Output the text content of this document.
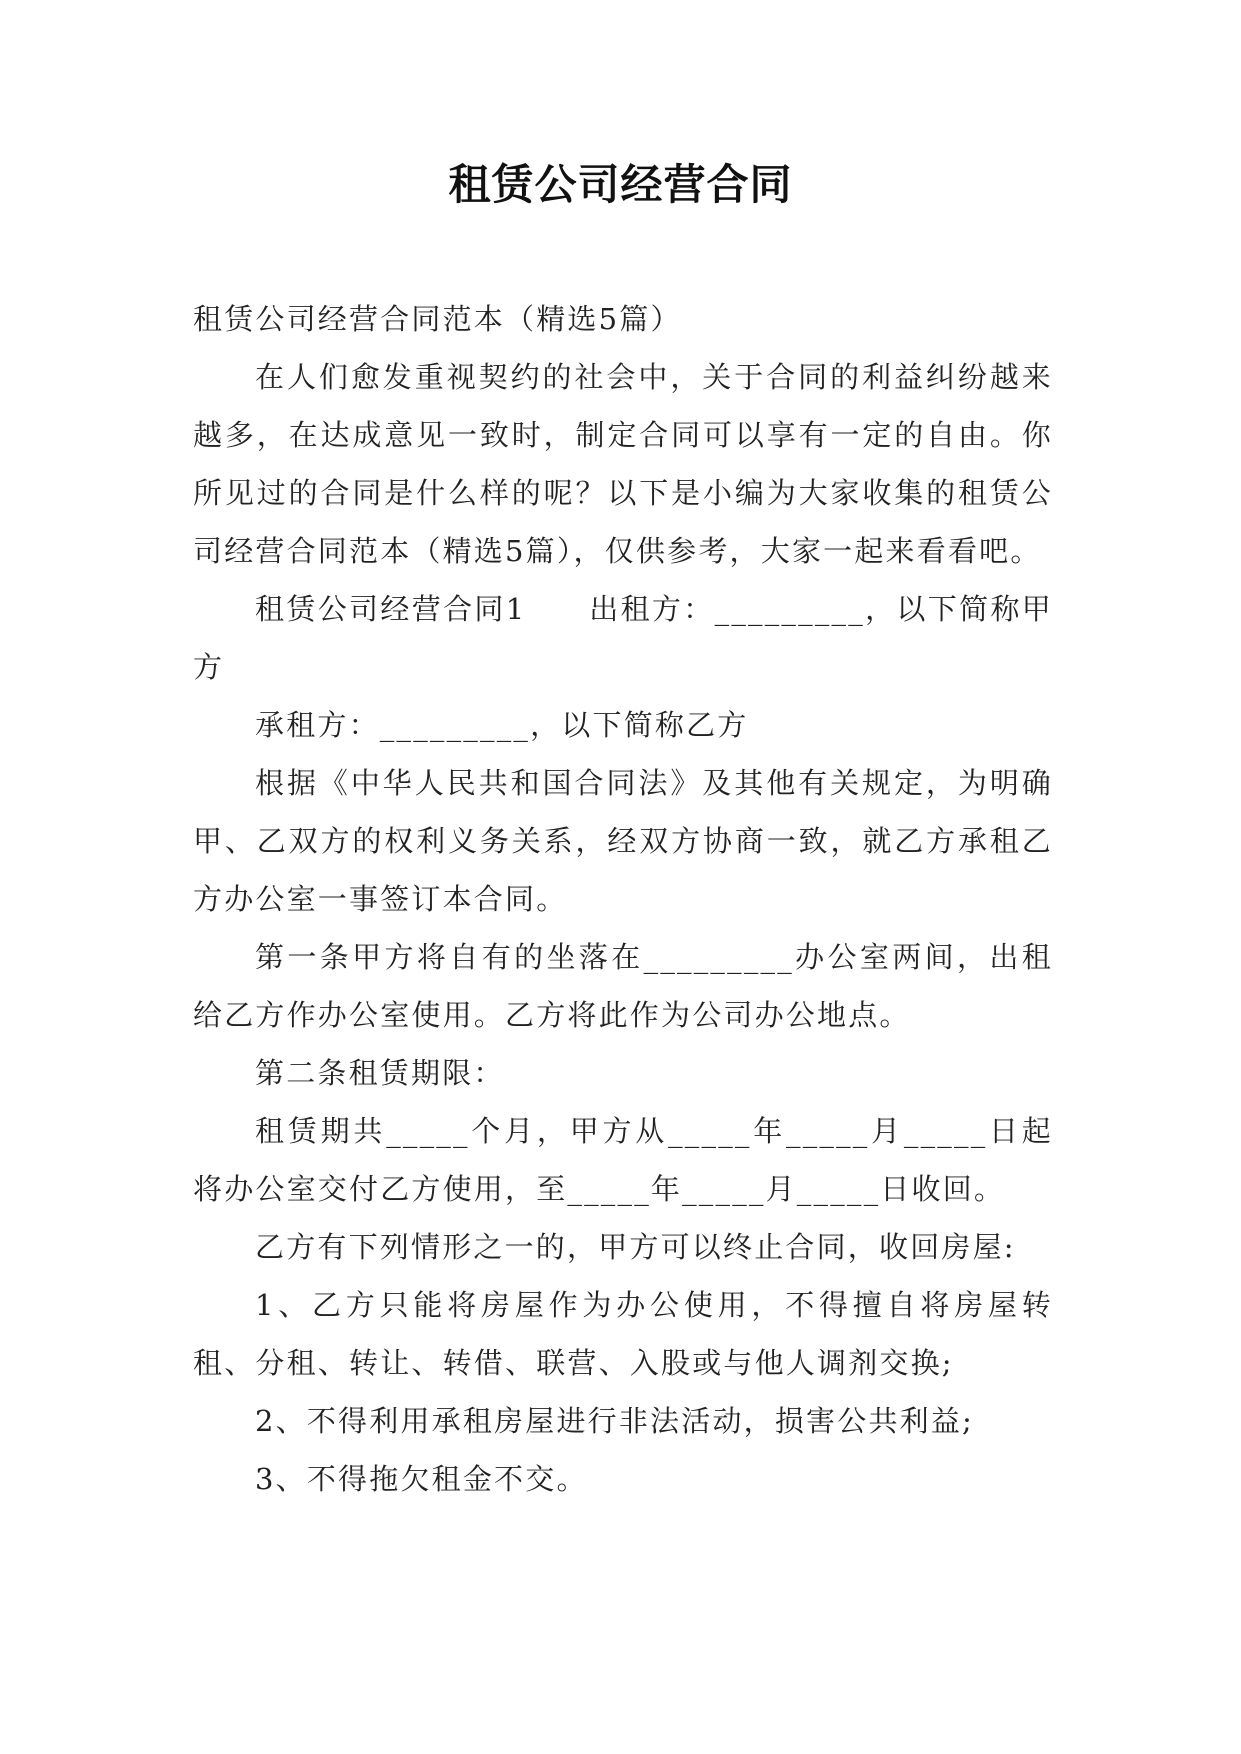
租赁公司经营合同

租赁公司经营合同范本（精选5篇）

在人们愈发重视契约的社会中，关于合同的利益纠纷越来越多，在达成意见一致时，制定合同可以享有一定的自由。你所见过的合同是什么样的呢？以下是小编为大家收集的租赁公司经营合同范本（精选5篇），仅供参考，大家一起来看看吧。

租赁公司经营合同1　　出租方：_________，以下简称甲方

承租方：_________，以下简称乙方

根据《中华人民共和国合同法》及其他有关规定，为明确甲、乙双方的权利义务关系，经双方协商一致，就乙方承租乙方办公室一事签订本合同。

第一条甲方将自有的坐落在_________办公室两间，出租给乙方作办公室使用。乙方将此作为公司办公地点。

第二条租赁期限：

租赁期共_____个月，甲方从_____年_____月_____日起将办公室交付乙方使用，至_____年_____月_____日收回。

乙方有下列情形之一的，甲方可以终止合同，收回房屋:

1、乙方只能将房屋作为办公使用，不得擅自将房屋转租、分租、转让、转借、联营、入股或与他人调剂交换;

2、不得利用承租房屋进行非法活动，损害公共利益;

3、不得拖欠租金不交。
